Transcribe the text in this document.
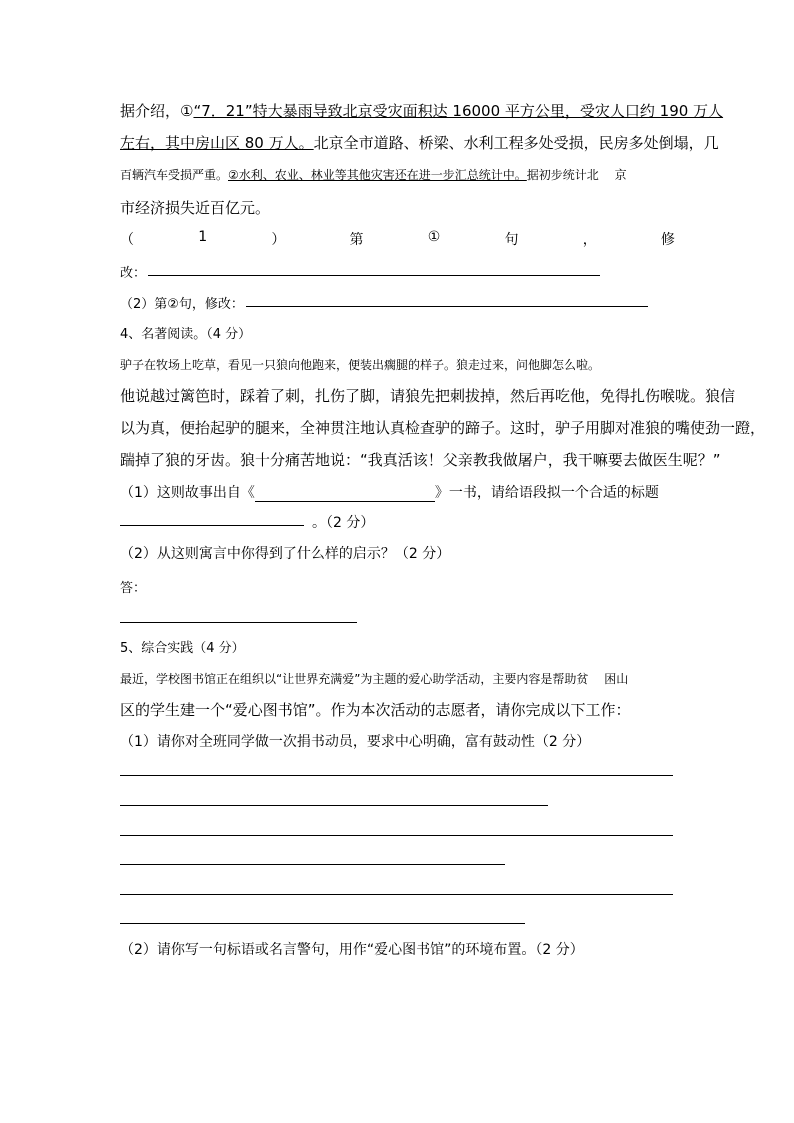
据介绍，①“7．21”特大暴雨导致北京受灾面积达 16000 平方公里，受灾人口约 190 万人
左右，其中房山区 80 万人。北京全市道路、桥梁、水利工程多处受损，民房多处倒塌，几
百辆汽车受损严重。②水利、农业、林业等其他灾害还在进一步汇总统计中。据初步统计北　 京
市经济损失近百亿元。
（	1	）	第	①	句	，	修
改：
（2）第②句，修改：
4、名著阅读。（4 分）
驴子在牧场上吃草，看见一只狼向他跑来，便装出瘸腿的样子。狼走过来，问他脚怎么啦。
他说越过篱笆时，踩着了刺，扎伤了脚，请狼先把刺拔掉，然后再吃他，免得扎伤喉咙。狼信
以为真，便抬起驴的腿来，全神贯注地认真检查驴的蹄子。这时，驴子用脚对准狼的嘴使劲一蹬，
踹掉了狼的牙齿。狼十分痛苦地说：“我真活该！父亲教我做屠户，我干嘛要去做医生呢？”
（1）这则故事出自《	》一书，请给语段拟一个合适的标题
。（2 分）
（2）从这则寓言中你得到了什么样的启示？（2 分）
答：
5、综合实践（4 分）
最近，学校图书馆正在组织以“让世界充满爱”为主题的爱心助学活动，主要内容是帮助贫　 困山
区的学生建一个“爱心图书馆”。作为本次活动的志愿者，请你完成以下工作：
（1）请你对全班同学做一次捐书动员，要求中心明确，富有鼓动性（2 分）
（2）请你写一句标语或名言警句，用作“爱心图书馆”的环境布置。（2 分）
